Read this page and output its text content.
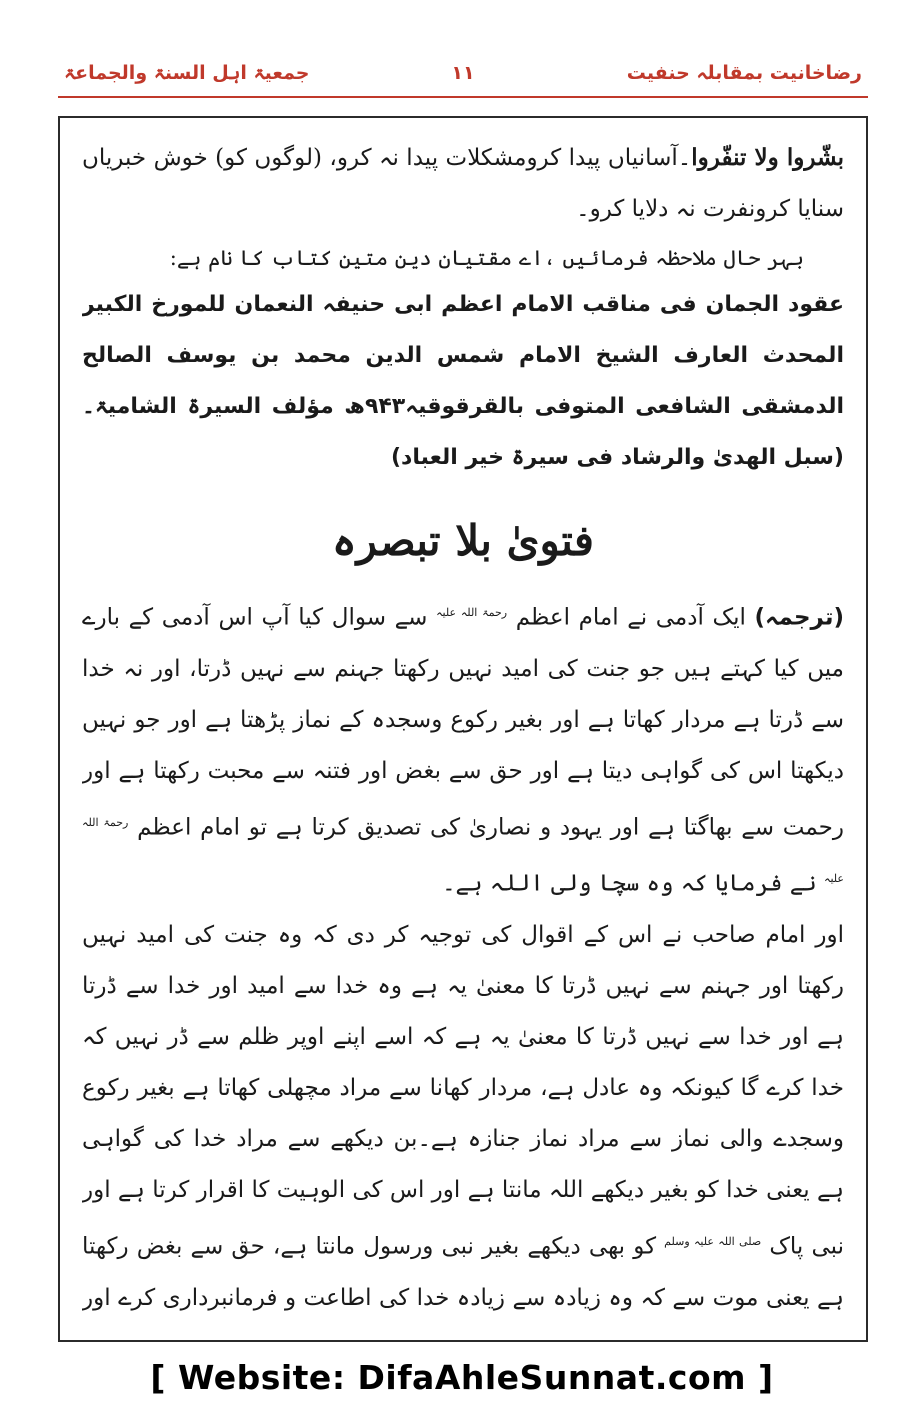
جمعیۃ اہل السنۃ والجماعۃ	۱۱	رضاخانیت بمقابلہ حنفیت

بشّروا ولا تنفّروا۔آسانیاں پیدا کرومشکلات پیدا نہ کرو، (لوگوں کو) خوش خبریاں سنایا کرونفرت نہ دلایا کرو۔

بہر حال ملاحظہ فرمائیں ،اے مقتیان دین متین کتاب کا نام ہے:

عقود الجمان فی مناقب الامام اعظم ابی حنیفہ النعمان للمورخ الکبیر المحدث العارف الشیخ الامام شمس الدین محمد بن یوسف الصالح الدمشقی الشافعی المتوفی بالقرقوقیہ۹۴۳ھ مؤلف السیرۃ الشامیۃ۔(سبل الھدیٰ والرشاد فی سیرۃ خیر العباد)

فتویٰ بلا تبصرہ

(ترجمہ) ایک آدمی نے امام اعظم $^{رحمۃ اللہ علیہ}$ سے سوال کیا آپ اس آدمی کے بارے میں کیا کہتے ہیں جو جنت کی امید نہیں رکھتا جہنم سے نہیں ڈرتا، اور نہ خدا سے ڈرتا ہے مردار کھاتا ہے اور بغیر رکوع وسجدہ کے نماز پڑھتا ہے اور جو نہیں دیکھتا اس کی گواہی دیتا ہے اور حق سے بغض اور فتنہ سے محبت رکھتا ہے اور رحمت سے بھاگتا ہے اور یہود و نصاریٰ کی تصدیق کرتا ہے تو امام اعظم $^{رحمۃ اللہ علیہ}$ نے فرمایا کہ وہ سچا ولی اللہ ہے۔

اور امام صاحب نے اس کے اقوال کی توجیہ کر دی کہ وہ جنت کی امید نہیں رکھتا اور جہنم سے نہیں ڈرتا کا معنیٰ یہ ہے وہ خدا سے امید اور خدا سے ڈرتا ہے اور خدا سے نہیں ڈرتا کا معنیٰ یہ ہے کہ اسے اپنے اوپر ظلم سے ڈر نہیں کہ خدا کرے گا کیونکہ وہ عادل ہے، مردار کھانا سے مراد مچھلی کھاتا ہے بغیر رکوع وسجدے والی نماز سے مراد نماز جنازہ ہے۔بن دیکھے سے مراد خدا کی گواہی ہے یعنی خدا کو بغیر دیکھے اللہ مانتا ہے اور اس کی الوہیت کا اقرار کرتا ہے اور نبی پاک $^{صلی اللہ علیہ وسلم}$ کو بھی دیکھے بغیر نبی ورسول مانتا ہے، حق سے بغض رکھتا ہے یعنی موت سے کہ وہ زیادہ سے زیادہ خدا کی اطاعت و فرمانبرداری کرے اور

[ Website: DifaAhleSunnat.com ]
